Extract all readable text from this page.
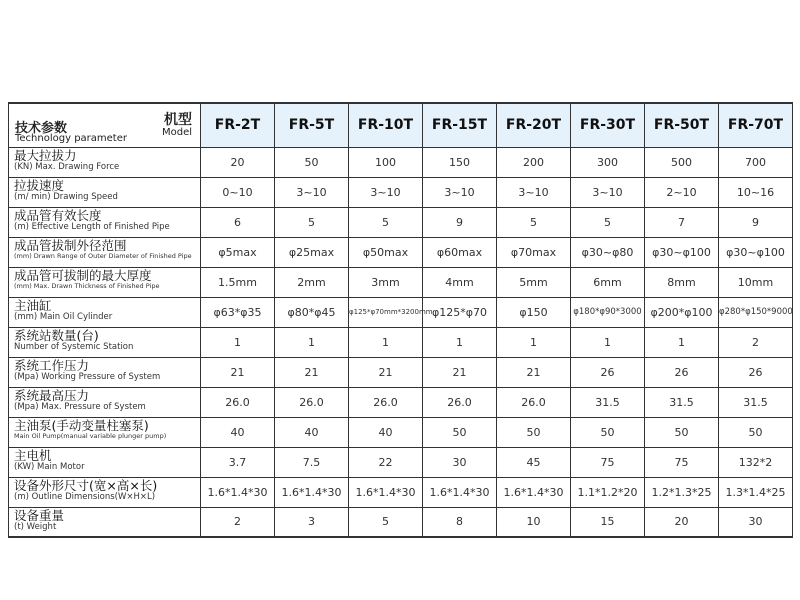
机型
Model
技术参数
Technology parameter	FR-2T	FR-5T	FR-10T	FR-15T	FR-20T	FR-30T	FR-50T	FR-70T

最大拉拔力
(KN) Max. Drawing Force	20	50	100	150	200	300	500	700

拉拔速度
(m/ min) Drawing Speed	0~10	3~10	3~10	3~10	3~10	3~10	2~10	10~16

成品管有效长度
(m) Effective Length of Finished Pipe	6	5	5	9	5	5	7	9

成品管拔制外径范围
(mm) Drawn Range of Outer Diameter of Finished Pipe	φ5max	φ25max	φ50max	φ60max	φ70max	φ30~φ80	φ30~φ100	φ30~φ100

成品管可拔制的最大厚度
(mm) Max. Drawn Thickness of Finished Pipe	1.5mm	2mm	3mm	4mm	5mm	6mm	8mm	10mm

主油缸
(mm) Main Oil Cylinder	φ63*φ35	φ80*φ45	φ125*φ70mm*3200mm	φ125*φ70	φ150	φ180*φ90*3000	φ200*φ100	φ280*φ150*9000

系统站数量(台)
Number of Systemic Station	1	1	1	1	1	1	1	2

系统工作压力
(Mpa) Working Pressure of System	21	21	21	21	21	26	26	26

系统最高压力
(Mpa) Max. Pressure of System	26.0	26.0	26.0	26.0	26.0	31.5	31.5	31.5

主油泵(手动变量柱塞泵)
Main Oil Pump(manual variable plunger pump)	40	40	40	50	50	50	50	50

主电机
(KW) Main Motor	3.7	7.5	22	30	45	75	75	132*2

设备外形尺寸(宽×高×长)
(m) Outline Dimensions(W×H×L)	1.6*1.4*30	1.6*1.4*30	1.6*1.4*30	1.6*1.4*30	1.6*1.4*30	1.1*1.2*20	1.2*1.3*25	1.3*1.4*25

设备重量
(t) Weight	2	3	5	8	10	15	20	30
